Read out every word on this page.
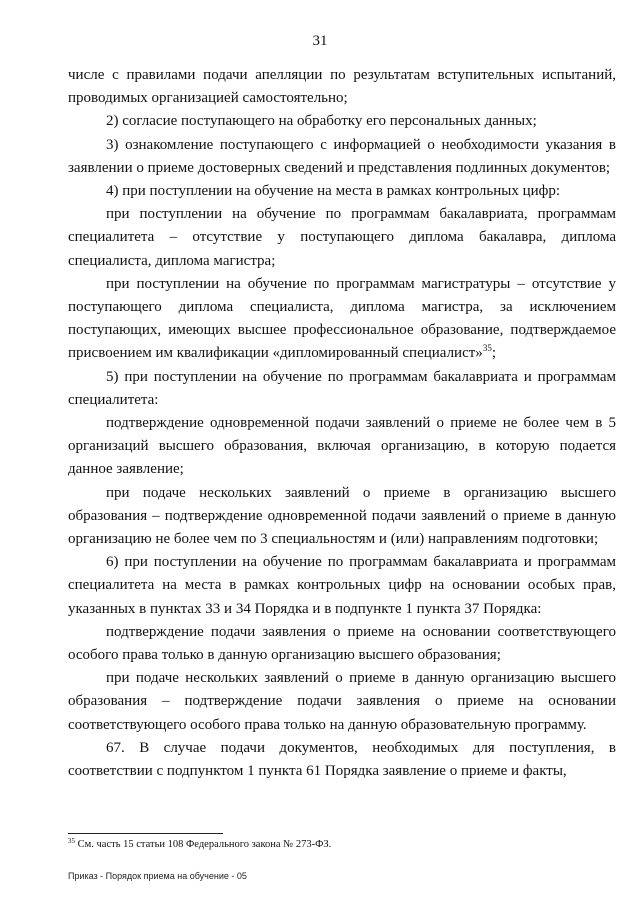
31

числе с правилами подачи апелляции по результатам вступительных испытаний, проводимых организацией самостоятельно;

2) согласие поступающего на обработку его персональных данных;

3) ознакомление поступающего с информацией о необходимости указания в заявлении о приеме достоверных сведений и представления подлинных документов;

4) при поступлении на обучение на места в рамках контрольных цифр:

при поступлении на обучение по программам бакалавриата, программам специалитета – отсутствие у поступающего диплома бакалавра, диплома специалиста, диплома магистра;

при поступлении на обучение по программам магистратуры – отсутствие у поступающего диплома специалиста, диплома магистра, за исключением поступающих, имеющих высшее профессиональное образование, подтверждаемое присвоением им квалификации «дипломированный специалист»$^{35}$;

5) при поступлении на обучение по программам бакалавриата и программам специалитета:

подтверждение одновременной подачи заявлений о приеме не более чем в 5 организаций высшего образования, включая организацию, в которую подается данное заявление;

при подаче нескольких заявлений о приеме в организацию высшего образования – подтверждение одновременной подачи заявлений о приеме в данную организацию не более чем по 3 специальностям и (или) направлениям подготовки;

6) при поступлении на обучение по программам бакалавриата и программам специалитета на места в рамках контрольных цифр на основании особых прав, указанных в пунктах 33 и 34 Порядка и в подпункте 1 пункта 37 Порядка:

подтверждение подачи заявления о приеме на основании соответствующего особого права только в данную организацию высшего образования;

при подаче нескольких заявлений о приеме в данную организацию высшего образования – подтверждение подачи заявления о приеме на основании соответствующего особого права только на данную образовательную программу.

67. В случае подачи документов, необходимых для поступления, в соответствии с подпунктом 1 пункта 61 Порядка заявление о приеме и факты,

$^{35}$ См. часть 15 статьи 108 Федерального закона № 273-ФЗ.
Приказ - Порядок приема на обучение - 05
